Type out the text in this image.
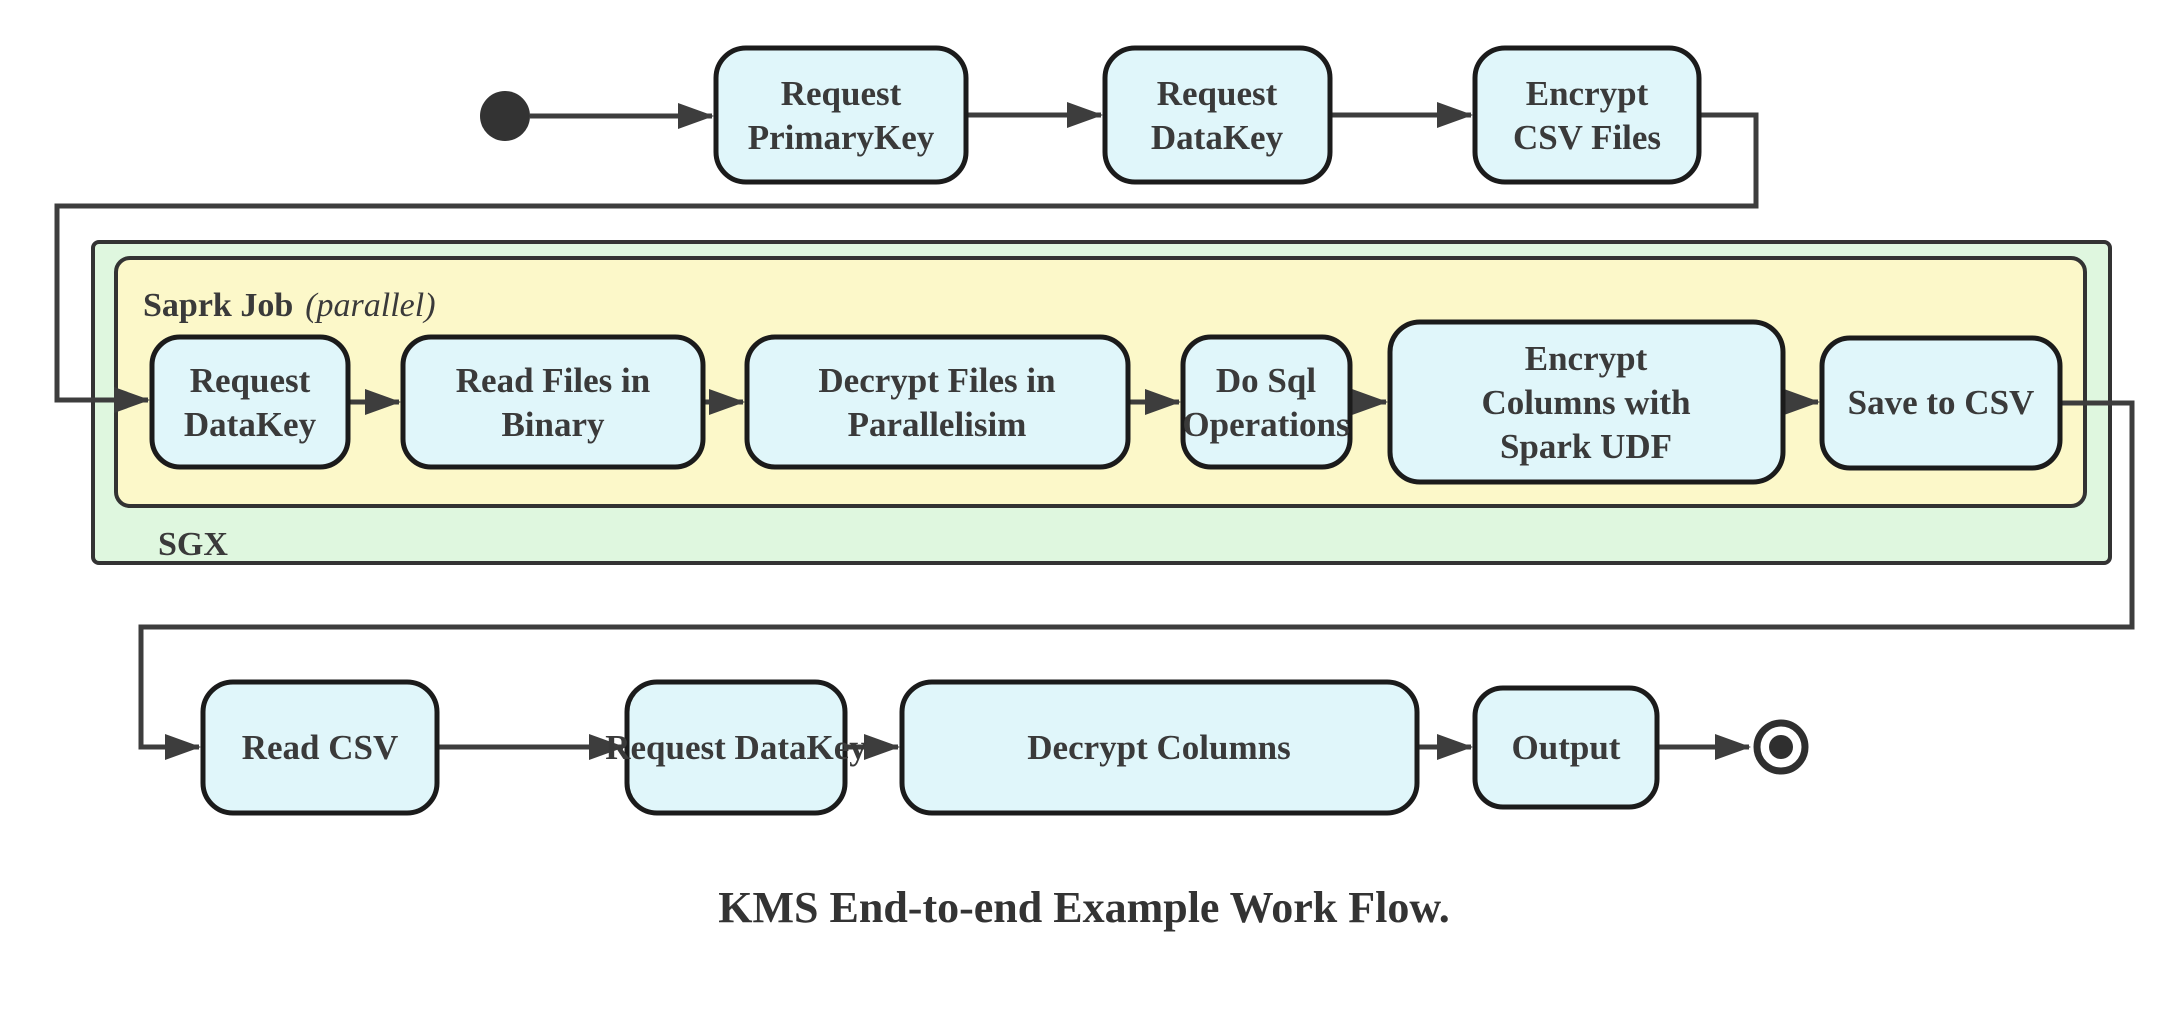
SGX
Saprk Job (parallel)
Request PrimaryKey
Request DataKey
Encrypt CSV Files
Request DataKey
Read Files in Binary
Decrypt Files in Parallelisim
Do Sql Operations
Encrypt Columns with Spark UDF
Save to CSV
Read CSV	Request DataKey	Decrypt Columns	Output
KMS End-to-end Example Work Flow.
